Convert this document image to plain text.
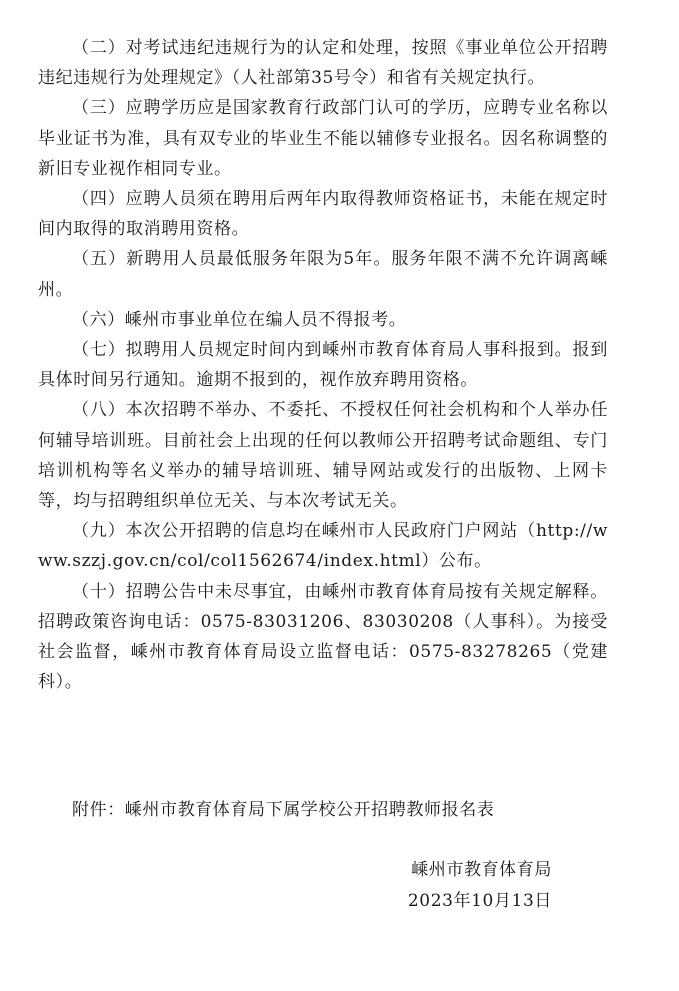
（二）对考试违纪违规行为的认定和处理，按照《事业单位公开招聘违纪违规行为处理规定》（人社部第35号令）和省有关规定执行。

（三）应聘学历应是国家教育行政部门认可的学历，应聘专业名称以毕业证书为准，具有双专业的毕业生不能以辅修专业报名。因名称调整的新旧专业视作相同专业。

（四）应聘人员须在聘用后两年内取得教师资格证书，未能在规定时间内取得的取消聘用资格。

（五）新聘用人员最低服务年限为5年。服务年限不满不允许调离嵊州。

（六）嵊州市事业单位在编人员不得报考。

（七）拟聘用人员规定时间内到嵊州市教育体育局人事科报到。报到具体时间另行通知。逾期不报到的，视作放弃聘用资格。

（八）本次招聘不举办、不委托、不授权任何社会机构和个人举办任何辅导培训班。目前社会上出现的任何以教师公开招聘考试命题组、专门培训机构等名义举办的辅导培训班、辅导网站或发行的出版物、上网卡等，均与招聘组织单位无关、与本次考试无关。

（九）本次公开招聘的信息均在嵊州市人民政府门户网站（http://www.szzj.gov.cn/col/col1562674/index.html）公布。

（十）招聘公告中未尽事宜，由嵊州市教育体育局按有关规定解释。招聘政策咨询电话：0575-83031206、83030208（人事科）。为接受社会监督，嵊州市教育体育局设立监督电话：0575-83278265（党建科）。

附件：嵊州市教育体育局下属学校公开招聘教师报名表
嵊州市教育体育局
2023年10月13日
